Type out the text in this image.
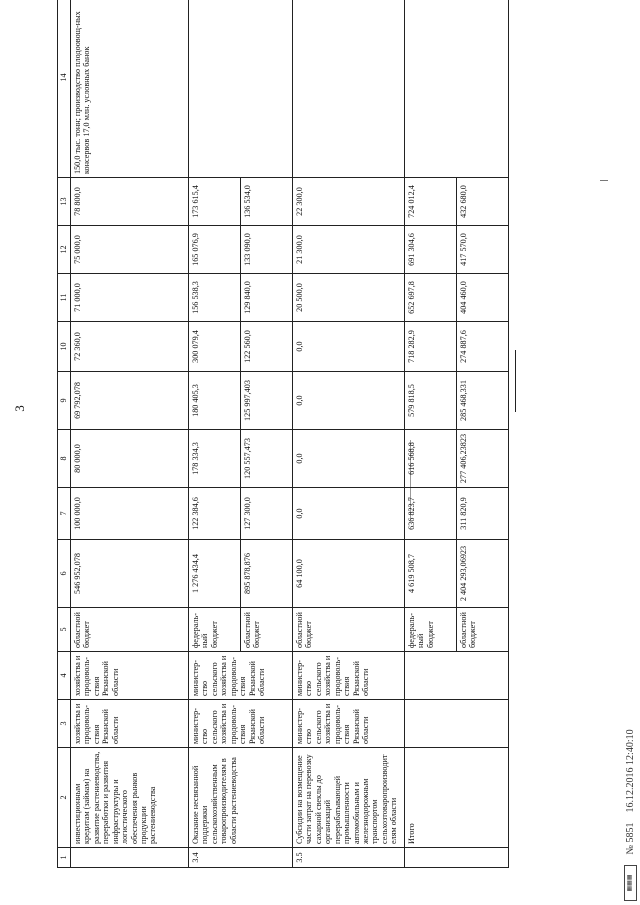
3
▦▦▦ № 5851    16.12.2016 12:40:10
1	2	3	4	5	6	7	8	9	10	11	12	13	14
	инвестиционным кредитам (займам) на развитие растениеводства, переработки и развития инфраструктуры и логистического обеспечения рынков продукции растениеводства	хозяйства и продоволь-ствия Рязанской области	хозяйства и продоволь-ствия Рязанской области	областной бюджет	546 952,078	100 000,0	80 000,0	69 792,078	72 360,0	71 000,0	75 000,0	78 800,0	150,0 тыс. тонн; производство плодоовощ-ных консервов 17,0 млн. условных банок
3.4	Оказание несвязанной поддержки сельскохозяйственным товаропроизводителям в области растениеводства	министер-ство сельского хозяйства и продоволь-ствия Рязанской области	министер-ство сельского хозяйства и продоволь-ствия Рязанской области	федераль-ный бюджет	1 276 434,4	122 384,6	178 334,3	180 405,3	300 079,4	156 538,3	165 076,9	173 615,4	
				областной бюджет	895 878,876	127 300,0	120 557,473	125 997,403	122 560,0	129 840,0	133 090,0	136 534,0	
3.5	Субсидии на возмещение части затрат на перевозку сахарной свеклы до организаций перерабатывающей промышленности автомобильным и железнодорожным транспортом сельхозтоваропроизводителям области	министер-ство сельского хозяйства и продоволь-ствия Рязанской области	министер-ство сельского хозяйства и продоволь-ствия Рязанской области	областной бюджет	64 100,0	0,0	0,0	0,0	0,0	20 500,0	21 300,0	22 300,0	
	Итого			федераль-ный бюджет	4 619 508,7	636 823,7	616 568,8	579 818,5	718 282,9	652 697,8	691 304,6	724 012,4	
				областной бюджет	2 404 293,06923	311 820,9	277 406,23823	285 468,331	274 887,6	404 460,0	417 570,0	432 680,0	
